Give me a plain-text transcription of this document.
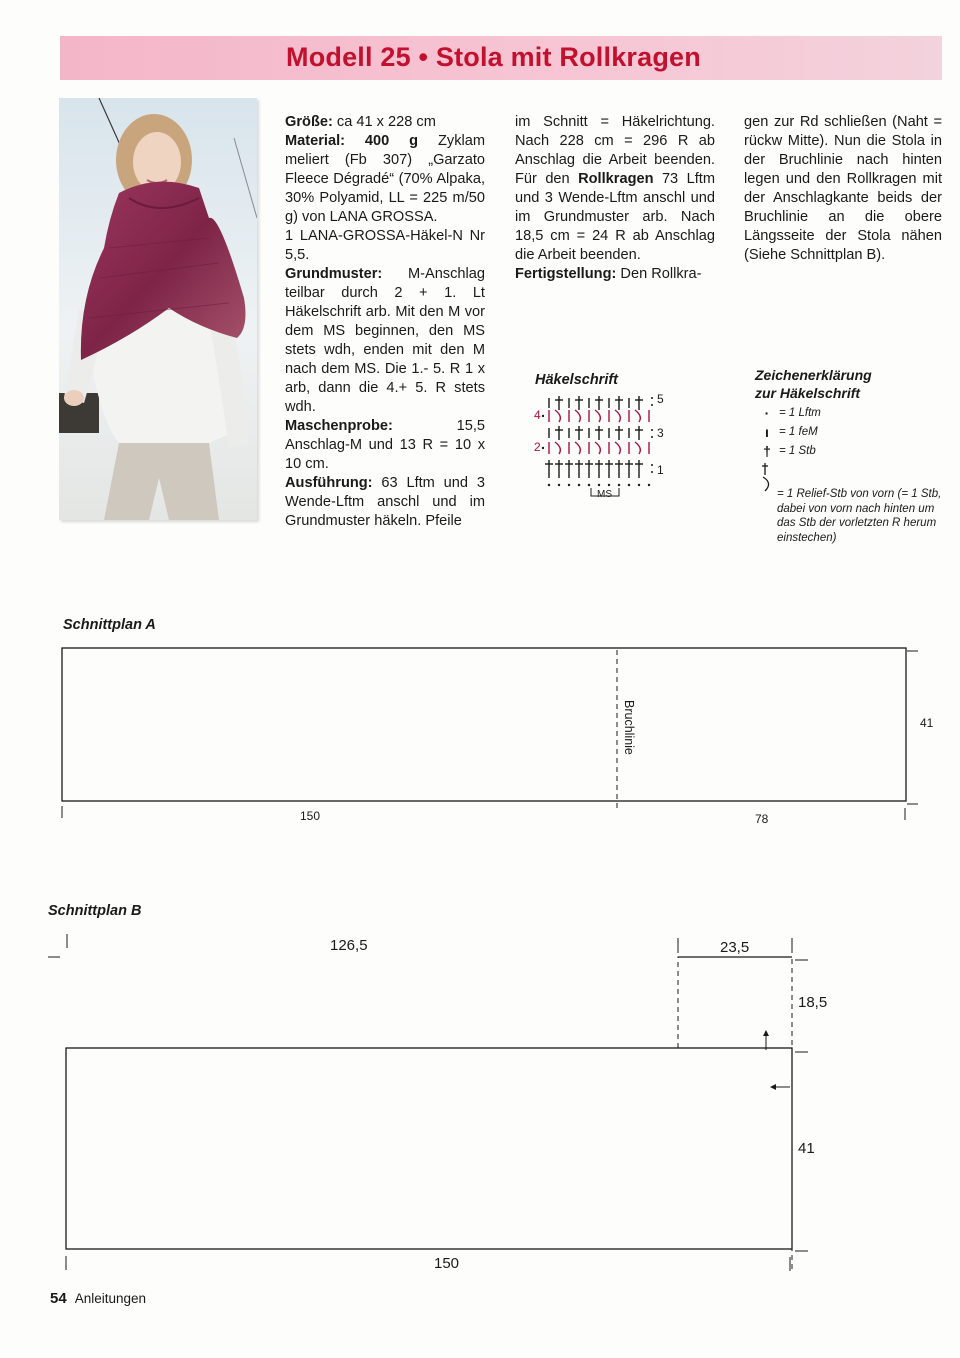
Modell 25 • Stola mit Rollkragen

Größe: ca 41 x 228 cm

Material: 400 g Zyklam meliert (Fb 307) „Garzato Fleece Dégradé“ (70% Alpaka, 30% Polyamid, LL = 225 m/50 g) von LANA GROSSA.

1 LANA-GROSSA-Häkel-N Nr 5,5.

Grundmuster: M-Anschlag teilbar durch 2 + 1. Lt Häkelschrift arb. Mit den M vor dem MS beginnen, den MS stets wdh, enden mit den M nach dem MS. Die 1.- 5. R 1 x arb, dann die 4.+ 5. R stets wdh.

Maschenprobe: 15,5 Anschlag-M und 13 R = 10 x 10 cm.

Ausführung: 63 Lftm und 3 Wende-Lftm anschl und im Grundmuster häkeln. Pfeile

im Schnitt = Häkelrichtung. Nach 228 cm = 296 R ab Anschlag die Arbeit beenden. Für den Rollkragen 73 Lftm und 3 Wende-Lftm anschl und im Grundmuster arb. Nach 18,5 cm = 24 R ab Anschlag die Arbeit beenden.

Fertigstellung: Den Rollkra-

gen zur Rd schließen (Naht = rückw Mitte). Nun die Stola in der Bruchlinie nach hinten legen und den Rollkragen mit der Anschlagkante beids der Bruchlinie an die obere Längsseite der Stola nähen (Siehe Schnittplan B).

Häkelschrift
4
2
5
3
1
MS
Zeichenerklärung
zur Häkelschrift
· = 1 Lftm
ı = 1 feM
† = 1 Stb
= 1 Relief-Stb von vorn (= 1 Stb, dabei von vorn nach hinten um das Stb der vorletzten R herum einstechen)
Schnittplan A
Bruchlinie
150	78
41
Schnittplan B
126,5	23,5
18,5
41
150
54 Anleitungen
